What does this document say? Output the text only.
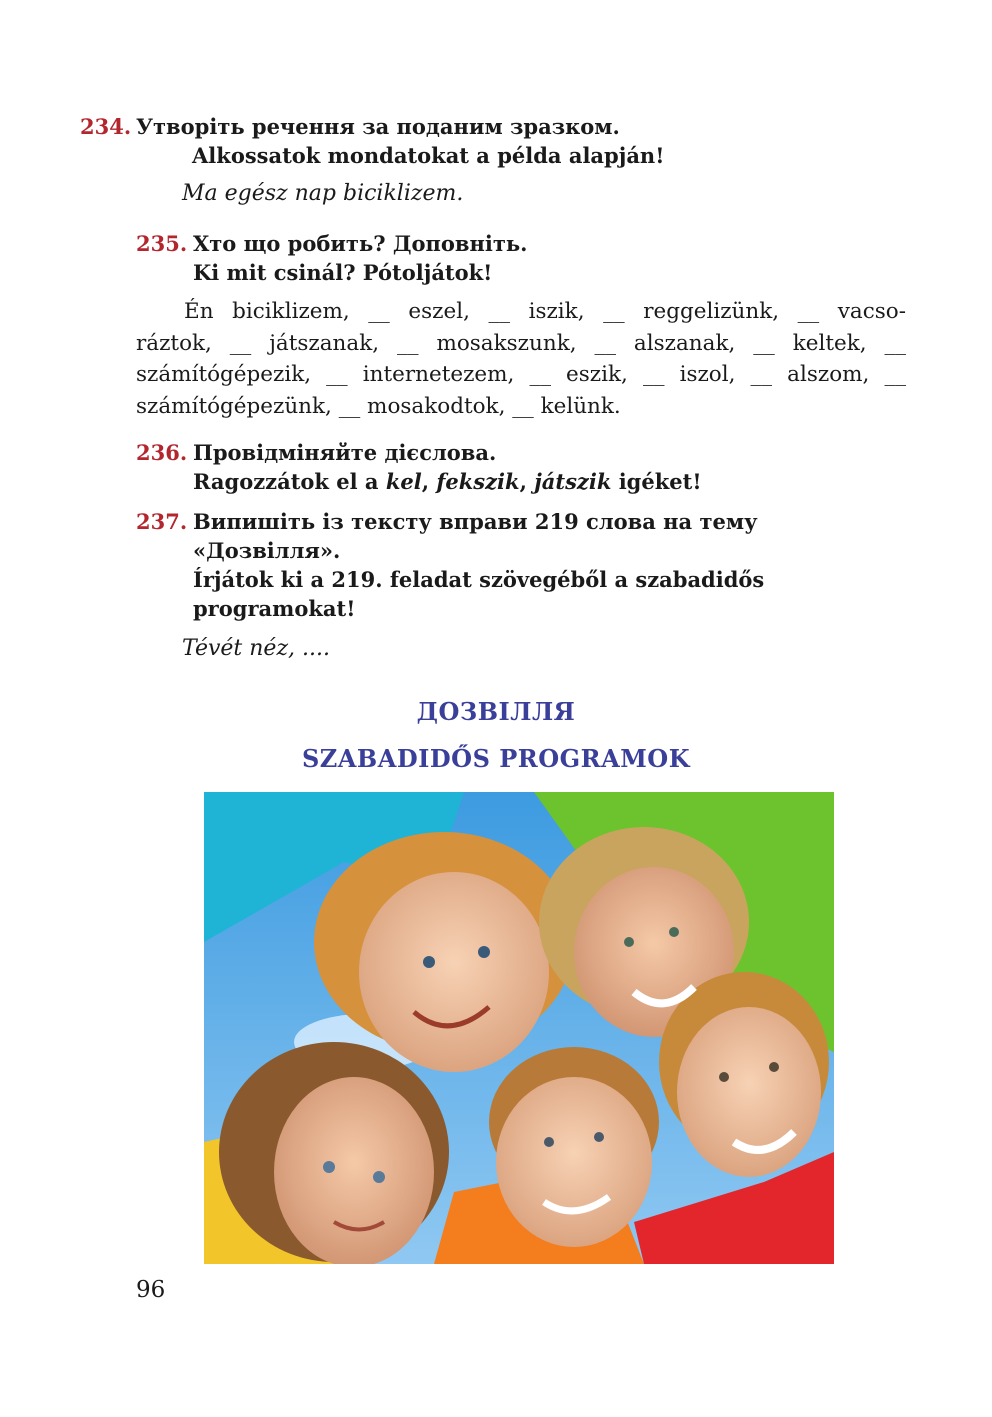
234. Утворіть речення за поданим зразком.
Alkossatok mondatokat a példa alapján!
Ma egész nap biciklizem.
235. Хто що робить? Доповніть.
Ki mit csinál? Pótoljátok!
Én biciklizem, __ eszel, __ iszik, __ reggelizünk, __ vacso-
ráztok, __ játszanak, __ mosakszunk, __ alszanak, __ keltek, __
számítógépezik, __ internetezem, __ eszik, __ iszol, __ alszom, __
számítógépezünk, __ mosakodtok, __ kelünk.
236. Провідміняйте дієслова.
Ragozzátok el a kel, fekszik, játszik igéket!
237. Випишіть із тексту вправи 219 слова на тему
«Дозвілля».
Írjátok ki a 219. feladat szövegéből a szabadidős
programokat!
Tévét néz, ....
ДОЗВІЛЛЯ
SZABADIDŐS PROGRAMOK
96
